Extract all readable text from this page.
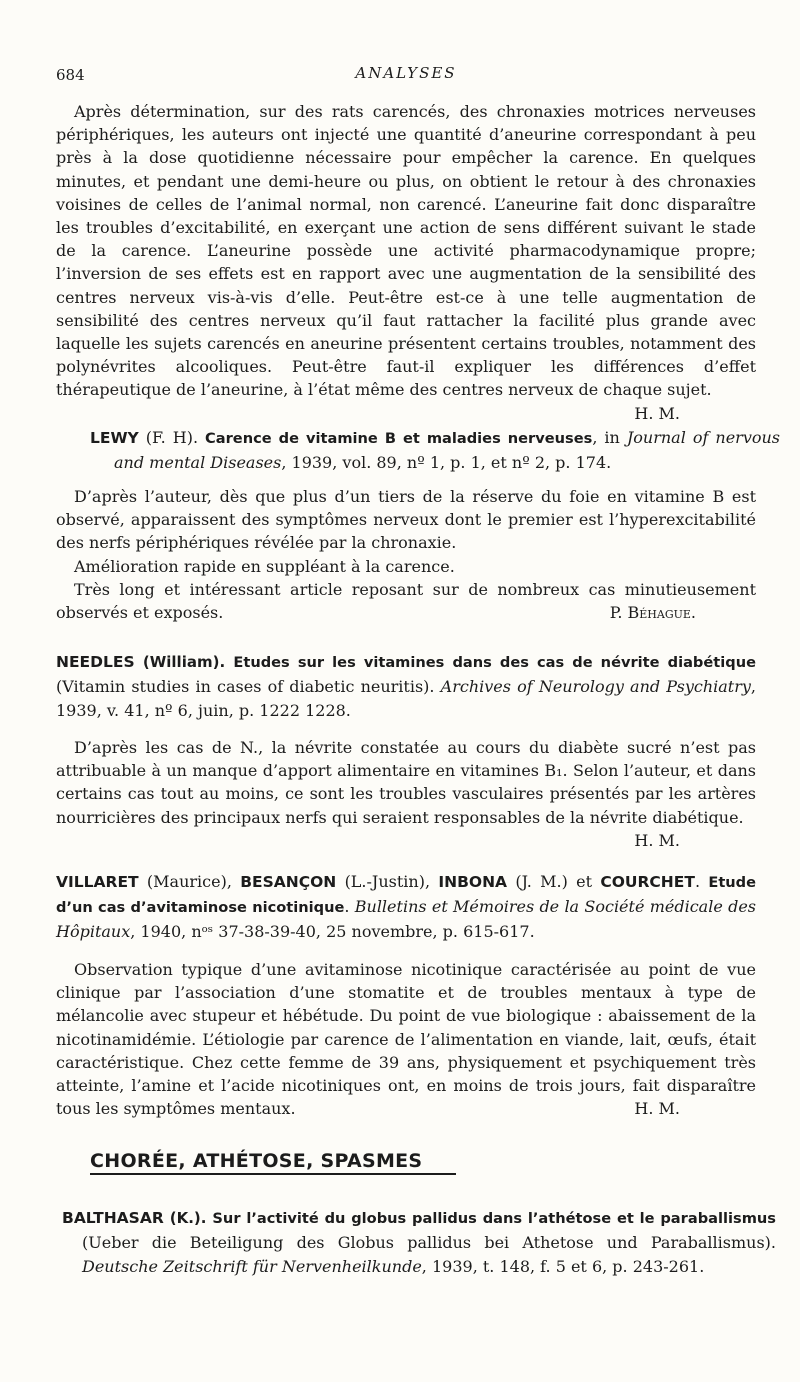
684	ANALYSES

Après détermination, sur des rats carencés, des chronaxies motrices nerveuses périphériques, les auteurs ont injecté une quantité d’aneurine correspondant à peu près à la dose quotidienne nécessaire pour empêcher la carence. En quelques minutes, et pendant une demi-heure ou plus, on obtient le retour à des chronaxies voisines de celles de l’animal normal, non carencé. L’aneurine fait donc disparaître les troubles d’excitabilité, en exerçant une action de sens différent suivant le stade de la carence. L’aneurine possède une activité pharmacodynamique propre; l’inversion de ses effets est en rapport avec une augmentation de la sensibilité des centres nerveux vis-à-vis d’elle. Peut-être est-ce à une telle augmentation de sensibilité des centres nerveux qu’il faut rattacher la facilité plus grande avec laquelle les sujets carencés en aneurine présentent certains troubles, notamment des polynévrites alcooliques. Peut-être faut-il expliquer les différences d’effet thérapeutique de l’aneurine, à l’état même des centres nerveux de chaque sujet.

H. M.
LEWY (F. H). Carence de vitamine B et maladies nerveuses, in Journal of nervous and mental Diseases, 1939, vol. 89, nº 1, p. 1, et nº 2, p. 174.

D’après l’auteur, dès que plus d’un tiers de la réserve du foie en vitamine B est observé, apparaissent des symptômes nerveux dont le premier est l’hyperexcitabilité des nerfs périphériques révélée par la chronaxie.

Amélioration rapide en suppléant à la carence.

Très long et intéressant article reposant sur de nombreux cas minutieusement observés et exposés.	P. Béhague.
NEEDLES (William). Etudes sur les vitamines dans des cas de névrite diabétique (Vitamin studies in cases of diabetic neuritis). Archives of Neurology and Psychiatry, 1939, v. 41, nº 6, juin, p. 1222 1228.

D’après les cas de N., la névrite constatée au cours du diabète sucré n’est pas attribuable à un manque d’apport alimentaire en vitamines B₁. Selon l’auteur, et dans certains cas tout au moins, ce sont les troubles vasculaires présentés par les artères nourricières des principaux nerfs qui seraient responsables de la névrite diabétique.

H. M.
VILLARET (Maurice), BESANÇON (L.-Justin), INBONA (J. M.) et COURCHET. Etude d’un cas d’avitaminose nicotinique. Bulletins et Mémoires de la Société médicale des Hôpitaux, 1940, nᵒˢ 37-38-39-40, 25 novembre, p. 615-617.

Observation typique d’une avitaminose nicotinique caractérisée au point de vue clinique par l’association d’une stomatite et de troubles mentaux à type de mélancolie avec stupeur et hébétude. Du point de vue biologique : abaissement de la nicotinamidémie. L’étiologie par carence de l’alimentation en viande, lait, œufs, était caractéristique. Chez cette femme de 39 ans, physiquement et psychiquement très atteinte, l’amine et l’acide nicotiniques ont, en moins de trois jours, fait disparaître tous les symptômes mentaux.	H. M.
CHORÉE, ATHÉTOSE, SPASMES
BALTHASAR (K.). Sur l’activité du globus pallidus dans l’athétose et le paraballismus (Ueber die Beteiligung des Globus pallidus bei Athetose und Paraballismus). Deutsche Zeitschrift für Nervenheilkunde, 1939, t. 148, f. 5 et 6, p. 243-261.
